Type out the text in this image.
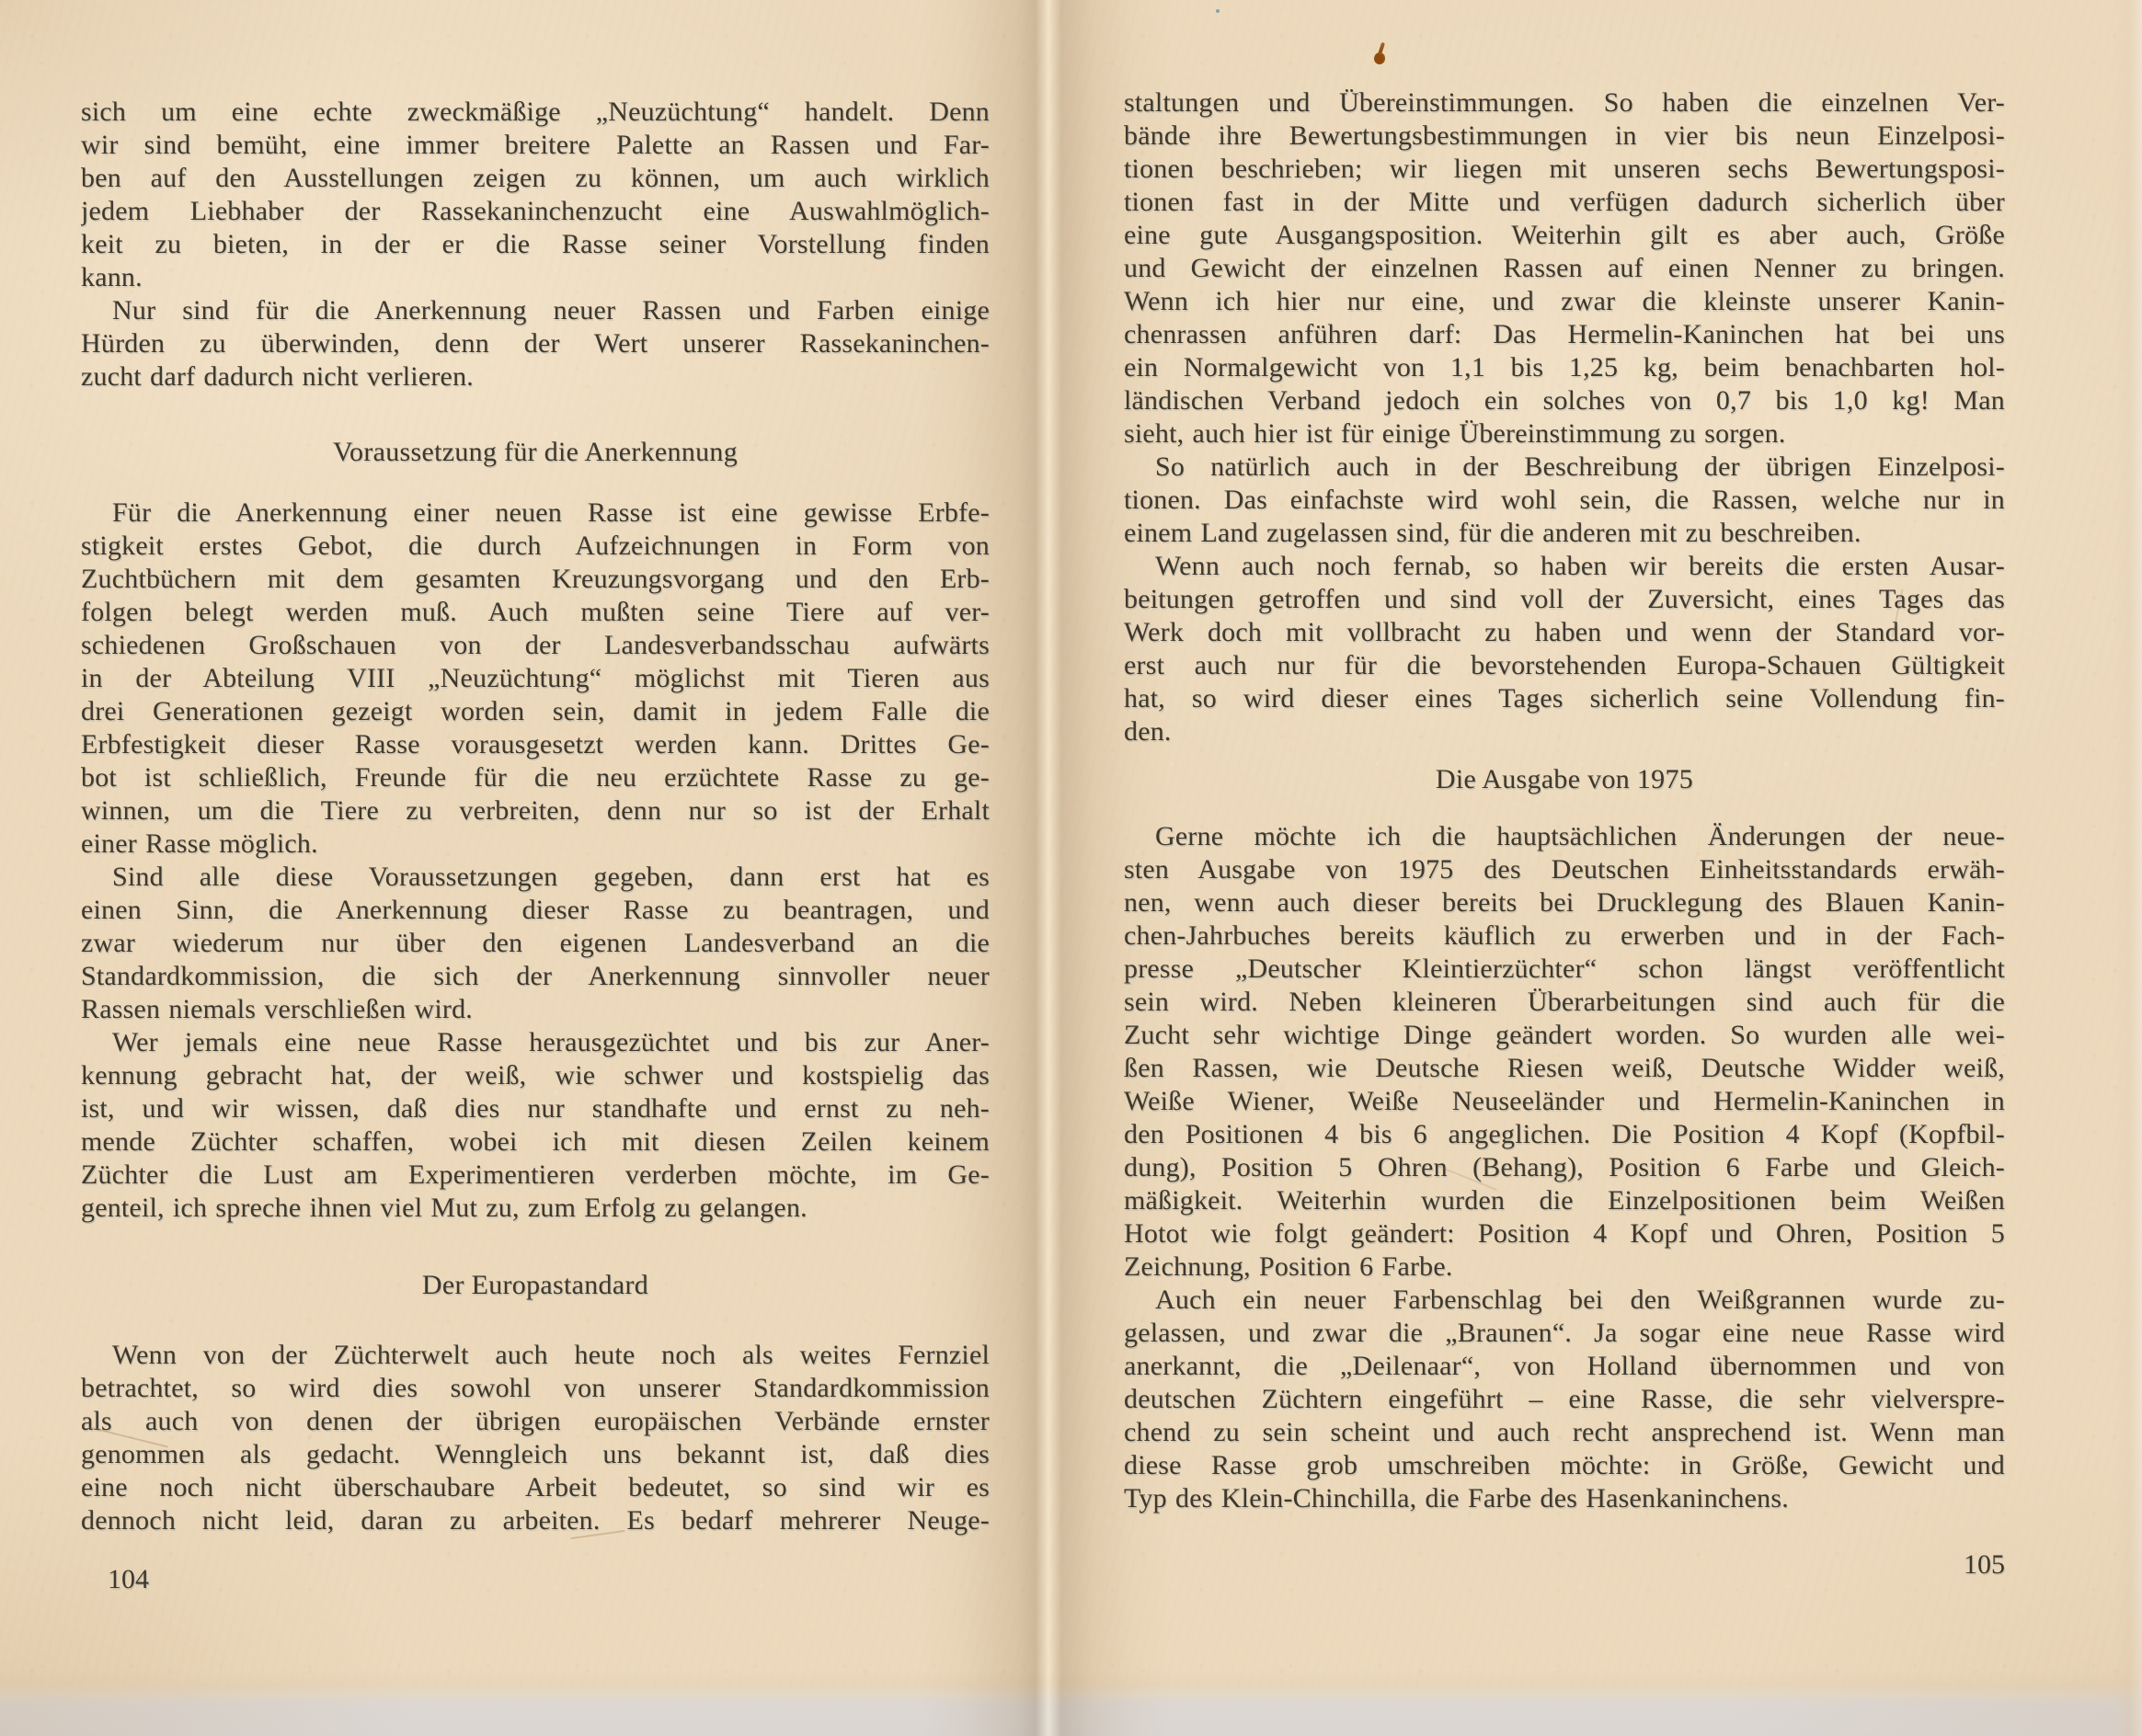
sich um eine echte zweckmäßige „Neuzüchtung“ handelt. Denn
wir sind bemüht, eine immer breitere Palette an Rassen und Far-
ben auf den Ausstellungen zeigen zu können, um auch wirklich
jedem Liebhaber der Rassekaninchenzucht eine Auswahlmöglich-
keit zu bieten, in der er die Rasse seiner Vorstellung finden
kann.
Nur sind für die Anerkennung neuer Rassen und Farben einige
Hürden zu überwinden, denn der Wert unserer Rassekaninchen-
zucht darf dadurch nicht verlieren.
Voraussetzung für die Anerkennung
Für die Anerkennung einer neuen Rasse ist eine gewisse Erbfe-
stigkeit erstes Gebot, die durch Aufzeichnungen in Form von
Zuchtbüchern mit dem gesamten Kreuzungsvorgang und den Erb-
folgen belegt werden muß. Auch mußten seine Tiere auf ver-
schiedenen Großschauen von der Landesverbandsschau aufwärts
in der Abteilung VIII „Neuzüchtung“ möglichst mit Tieren aus
drei Generationen gezeigt worden sein, damit in jedem Falle die
Erbfestigkeit dieser Rasse vorausgesetzt werden kann. Drittes Ge-
bot ist schließlich, Freunde für die neu erzüchtete Rasse zu ge-
winnen, um die Tiere zu verbreiten, denn nur so ist der Erhalt
einer Rasse möglich.
Sind alle diese Voraussetzungen gegeben, dann erst hat es
einen Sinn, die Anerkennung dieser Rasse zu beantragen, und
zwar wiederum nur über den eigenen Landesverband an die
Standardkommission, die sich der Anerkennung sinnvoller neuer
Rassen niemals verschließen wird.
Wer jemals eine neue Rasse herausgezüchtet und bis zur Aner-
kennung gebracht hat, der weiß, wie schwer und kostspielig das
ist, und wir wissen, daß dies nur standhafte und ernst zu neh-
mende Züchter schaffen, wobei ich mit diesen Zeilen keinem
Züchter die Lust am Experimentieren verderben möchte, im Ge-
genteil, ich spreche ihnen viel Mut zu, zum Erfolg zu gelangen.
Der Europastandard
Wenn von der Züchterwelt auch heute noch als weites Fernziel
betrachtet, so wird dies sowohl von unserer Standardkommission
als auch von denen der übrigen europäischen Verbände ernster
genommen als gedacht. Wenngleich uns bekannt ist, daß dies
eine noch nicht überschaubare Arbeit bedeutet, so sind wir es
dennoch nicht leid, daran zu arbeiten. Es bedarf mehrerer Neuge-
staltungen und Übereinstimmungen. So haben die einzelnen Ver-
bände ihre Bewertungsbestimmungen in vier bis neun Einzelposi-
tionen beschrieben; wir liegen mit unseren sechs Bewertungsposi-
tionen fast in der Mitte und verfügen dadurch sicherlich über
eine gute Ausgangsposition. Weiterhin gilt es aber auch, Größe
und Gewicht der einzelnen Rassen auf einen Nenner zu bringen.
Wenn ich hier nur eine, und zwar die kleinste unserer Kanin-
chenrassen anführen darf: Das Hermelin-Kaninchen hat bei uns
ein Normalgewicht von 1,1 bis 1,25 kg, beim benachbarten hol-
ländischen Verband jedoch ein solches von 0,7 bis 1,0 kg! Man
sieht, auch hier ist für einige Übereinstimmung zu sorgen.
So natürlich auch in der Beschreibung der übrigen Einzelposi-
tionen. Das einfachste wird wohl sein, die Rassen, welche nur in
einem Land zugelassen sind, für die anderen mit zu beschreiben.
Wenn auch noch fernab, so haben wir bereits die ersten Ausar-
beitungen getroffen und sind voll der Zuversicht, eines Tages das
Werk doch mit vollbracht zu haben und wenn der Standard vor-
erst auch nur für die bevorstehenden Europa-Schauen Gültigkeit
hat, so wird dieser eines Tages sicherlich seine Vollendung fin-
den.
Die Ausgabe von 1975
Gerne möchte ich die hauptsächlichen Änderungen der neue-
sten Ausgabe von 1975 des Deutschen Einheitsstandards erwäh-
nen, wenn auch dieser bereits bei Drucklegung des Blauen Kanin-
chen-Jahrbuches bereits käuflich zu erwerben und in der Fach-
presse „Deutscher Kleintierzüchter“ schon längst veröffentlicht
sein wird. Neben kleineren Überarbeitungen sind auch für die
Zucht sehr wichtige Dinge geändert worden. So wurden alle wei-
ßen Rassen, wie Deutsche Riesen weiß, Deutsche Widder weiß,
Weiße Wiener, Weiße Neuseeländer und Hermelin-Kaninchen in
den Positionen 4 bis 6 angeglichen. Die Position 4 Kopf (Kopfbil-
dung), Position 5 Ohren (Behang), Position 6 Farbe und Gleich-
mäßigkeit. Weiterhin wurden die Einzelpositionen beim Weißen
Hotot wie folgt geändert: Position 4 Kopf und Ohren, Position 5
Zeichnung, Position 6 Farbe.
Auch ein neuer Farbenschlag bei den Weißgrannen wurde zu-
gelassen, und zwar die „Braunen“. Ja sogar eine neue Rasse wird
anerkannt, die „Deilenaar“, von Holland übernommen und von
deutschen Züchtern eingeführt – eine Rasse, die sehr vielverspre-
chend zu sein scheint und auch recht ansprechend ist. Wenn man
diese Rasse grob umschreiben möchte: in Größe, Gewicht und
Typ des Klein-Chinchilla, die Farbe des Hasenkaninchens.
104	105
